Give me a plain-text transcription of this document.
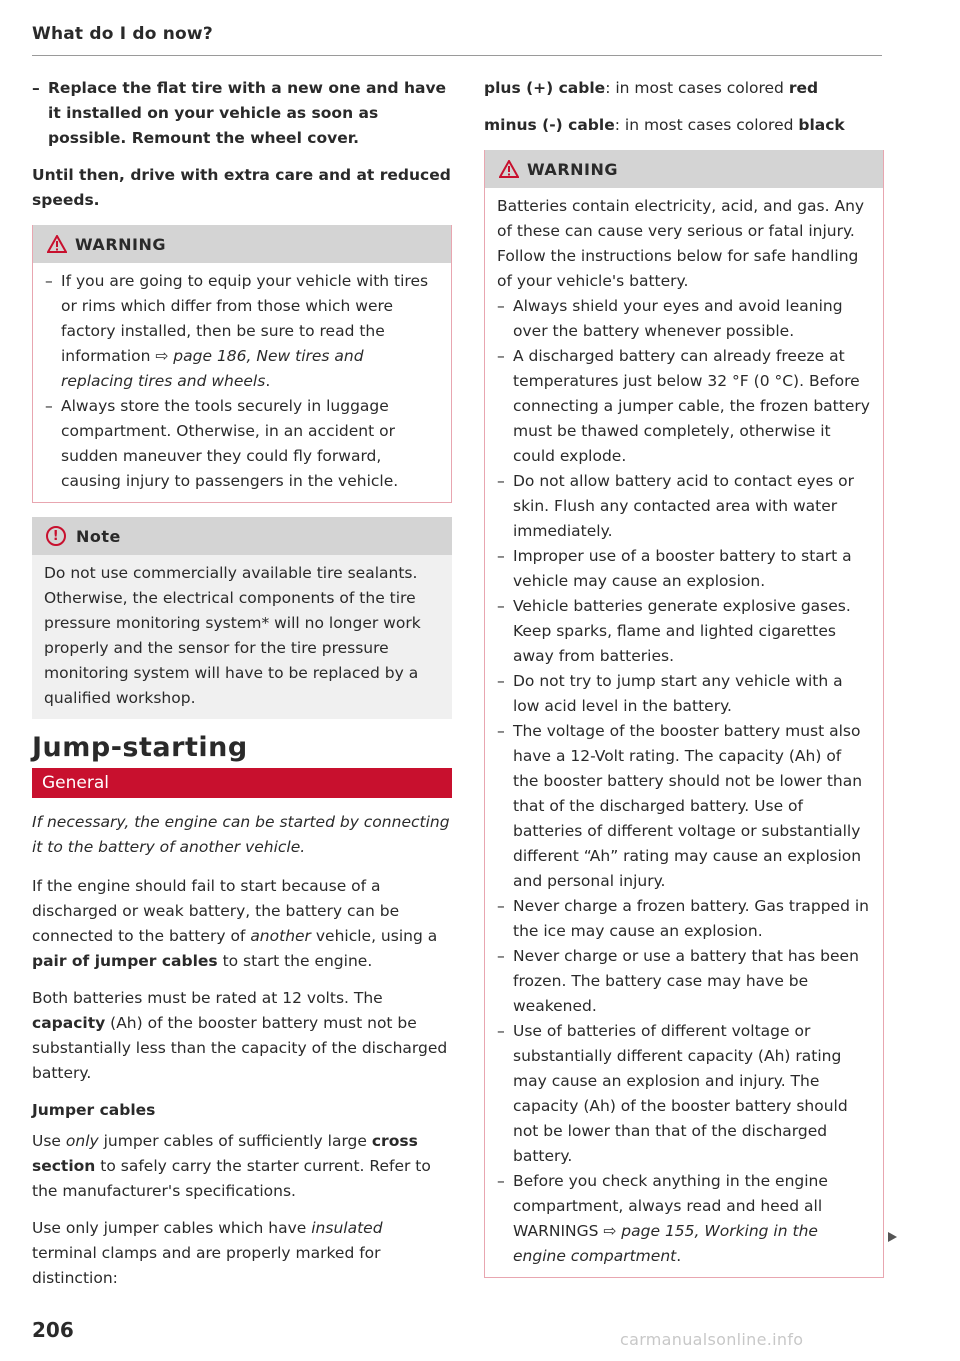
What do I do now?

– Replace the flat tire with a new one and have it installed on your vehicle as soon as possible. Remount the wheel cover.

Until then, drive with extra care and at reduced speeds.

WARNING
– If you are going to equip your vehicle with tires or rims which differ from those which were factory installed, then be sure to read the information ⇨ page 186, New tires and replacing tires and wheels.
– Always store the tools securely in luggage compartment. Otherwise, in an accident or sudden maneuver they could fly forward, causing injury to passengers in the vehicle.
!	Note
Do not use commercially available tire sealants. Otherwise, the electrical components of the tire pressure monitoring system* will no longer work properly and the sensor for the tire pressure monitoring system will have to be replaced by a qualified workshop.
Jump-starting
General

If necessary, the engine can be started by connecting it to the battery of another vehicle.

If the engine should fail to start because of a discharged or weak battery, the battery can be connected to the battery of another vehicle, using a pair of jumper cables to start the engine.

Both batteries must be rated at 12 volts. The capacity (Ah) of the booster battery must not be substantially less than the capacity of the discharged battery.

Jumper cables

Use only jumper cables of sufficiently large cross section to safely carry the starter current. Refer to the manufacturer's specifications.

Use only jumper cables which have insulated terminal clamps and are properly marked for distinction:

plus (+) cable: in most cases colored red

minus (-) cable: in most cases colored black

WARNING
Batteries contain electricity, acid, and gas. Any of these can cause very serious or fatal injury. Follow the instructions below for safe handling of your vehicle's battery.
– Always shield your eyes and avoid leaning over the battery whenever possible.
– A discharged battery can already freeze at temperatures just below 32 °F (0 °C). Before connecting a jumper cable, the frozen battery must be thawed completely, otherwise it could explode.
– Do not allow battery acid to contact eyes or skin. Flush any contacted area with water immediately.
– Improper use of a booster battery to start a vehicle may cause an explosion.
– Vehicle batteries generate explosive gases. Keep sparks, flame and lighted cigarettes away from batteries.
– Do not try to jump start any vehicle with a low acid level in the battery.
– The voltage of the booster battery must also have a 12-Volt rating. The capacity (Ah) of the booster battery should not be lower than that of the discharged battery. Use of batteries of different voltage or substantially different “Ah” rating may cause an explosion and personal injury.
– Never charge a frozen battery. Gas trapped in the ice may cause an explosion.
– Never charge or use a battery that has been frozen. The battery case may have be weakened.
– Use of batteries of different voltage or substantially different capacity (Ah) rating may cause an explosion and injury. The capacity (Ah) of the booster battery should not be lower than that of the discharged battery.
– Before you check anything in the engine compartment, always read and heed all WARNINGS ⇨ page 155, Working in the engine compartment.
206	carmanualsonline.info
